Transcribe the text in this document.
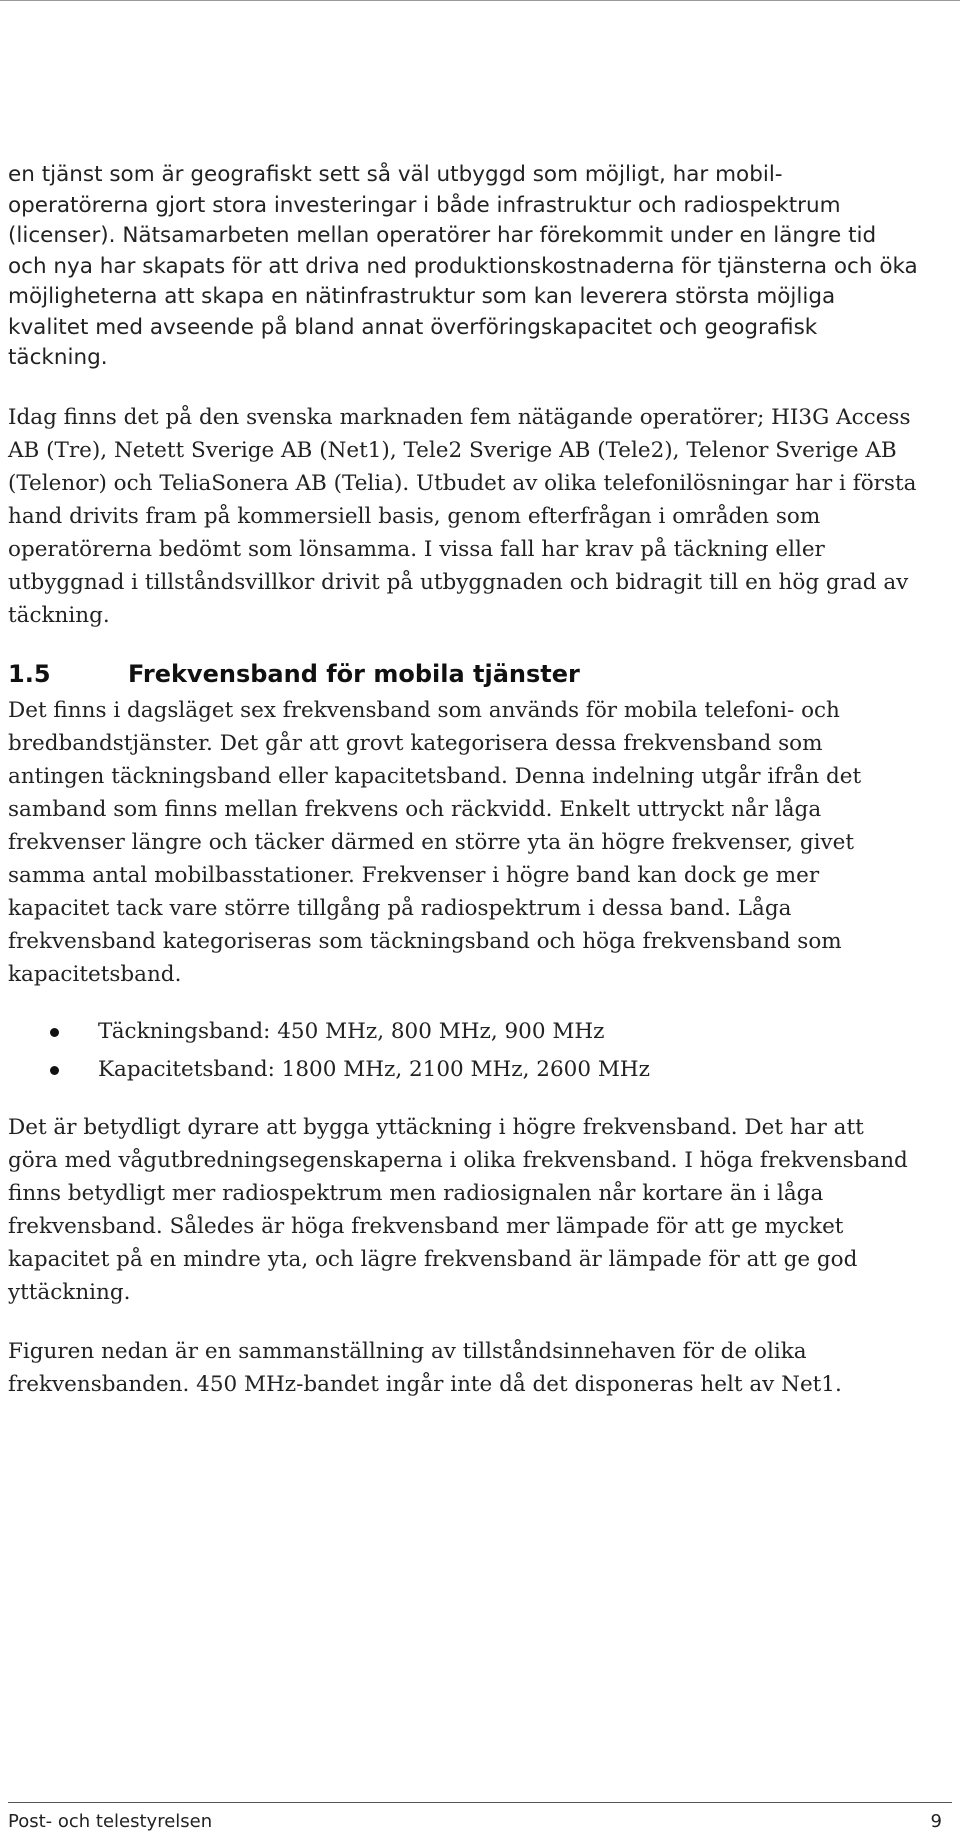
en tjänst som är geografiskt sett så väl utbyggd som möjligt, har mobil-operatörerna gjort stora investeringar i både infrastruktur och radiospektrum (licenser). Nätsamarbeten mellan operatörer har förekommit under en längre tid och nya har skapats för att driva ned produktionskostnaderna för tjänsterna och öka möjligheterna att skapa en nätinfrastruktur som kan leverera största möjliga kvalitet med avseende på bland annat överföringskapacitet och geografisk täckning.

Idag finns det på den svenska marknaden fem nätägande operatörer; HI3G Access AB (Tre), Netett Sverige AB (Net1), Tele2 Sverige AB (Tele2), Telenor Sverige AB (Telenor) och TeliaSonera AB (Telia). Utbudet av olika telefonilösningar har i första hand drivits fram på kommersiell basis, genom efterfrågan i områden som operatörerna bedömt som lönsamma. I vissa fall har krav på täckning eller utbyggnad i tillståndsvillkor drivit på utbyggnaden och bidragit till en hög grad av täckning.

1.5	Frekvensband för mobila tjänster

Det finns i dagsläget sex frekvensband som används för mobila telefoni- och bredbandstjänster. Det går att grovt kategorisera dessa frekvensband som antingen täckningsband eller kapacitetsband. Denna indelning utgår ifrån det samband som finns mellan frekvens och räckvidd. Enkelt uttryckt når låga frekvenser längre och täcker därmed en större yta än högre frekvenser, givet samma antal mobilbasstationer. Frekvenser i högre band kan dock ge mer kapacitet tack vare större tillgång på radiospektrum i dessa band. Låga frekvensband kategoriseras som täckningsband och höga frekvensband som kapacitetsband.

Täckningsband: 450 MHz, 800 MHz, 900 MHz
Kapacitetsband: 1800 MHz, 2100 MHz, 2600 MHz

Det är betydligt dyrare att bygga yttäckning i högre frekvensband. Det har att göra med vågutbredningsegenskaperna i olika frekvensband. I höga frekvensband finns betydligt mer radiospektrum men radiosignalen når kortare än i låga frekvensband. Således är höga frekvensband mer lämpade för att ge mycket kapacitet på en mindre yta, och lägre frekvensband är lämpade för att ge god yttäckning.

Figuren nedan är en sammanställning av tillståndsinnehaven för de olika frekvensbanden. 450 MHz-bandet ingår inte då det disponeras helt av Net1.

Post- och telestyrelsen	9
